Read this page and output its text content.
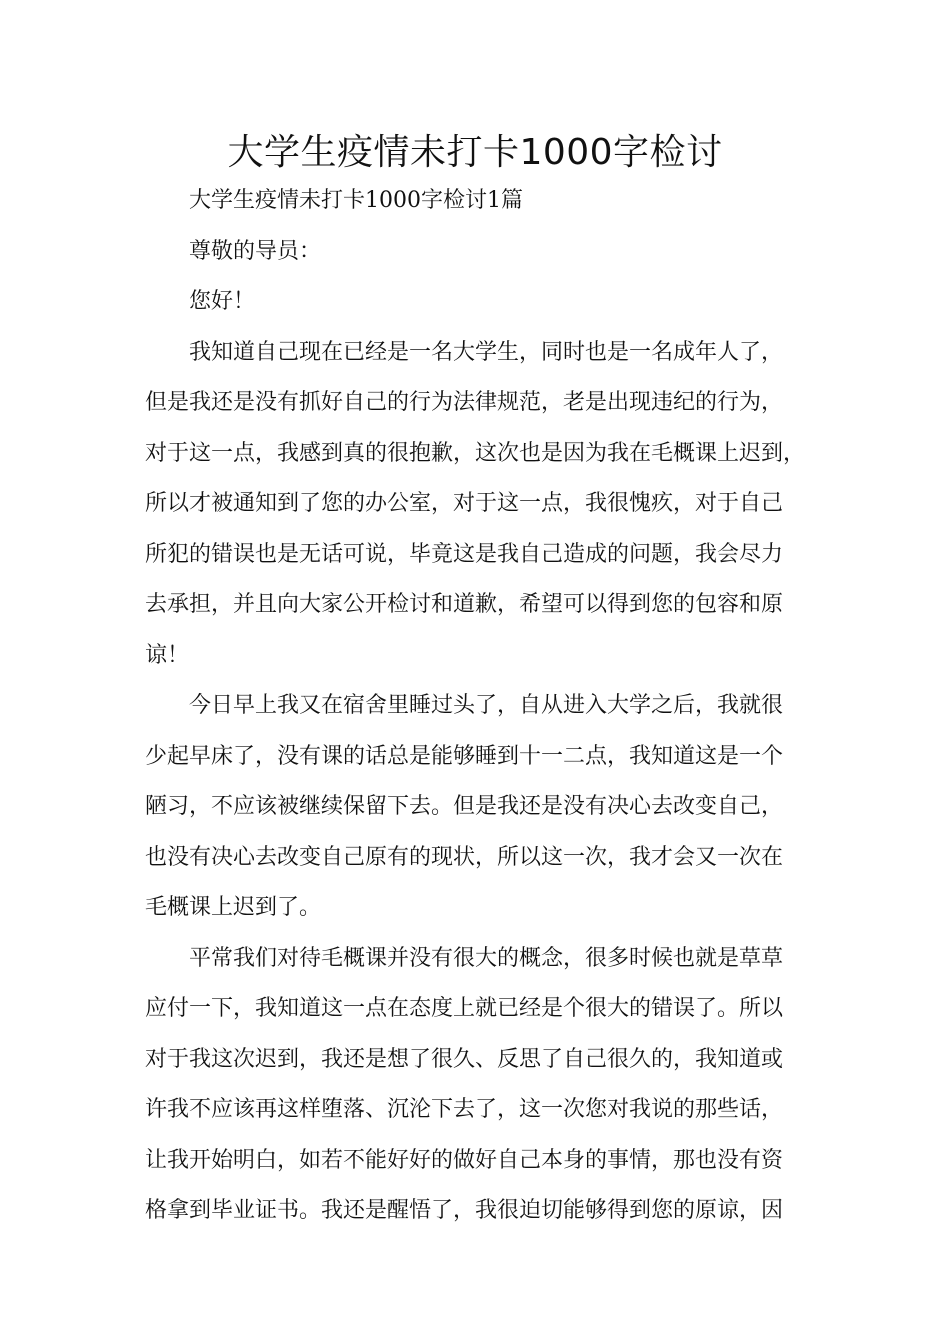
大学生疫情未打卡1000字检讨
大学生疫情未打卡1000字检讨1篇
尊敬的导员：
您好！
我知道自己现在已经是一名大学生，同时也是一名成年人了，
但是我还是没有抓好自己的行为法律规范，老是出现违纪的行为，
对于这一点，我感到真的很抱歉，这次也是因为我在毛概课上迟到，
所以才被通知到了您的办公室，对于这一点，我很愧疚，对于自己
所犯的错误也是无话可说，毕竟这是我自己造成的问题，我会尽力
去承担，并且向大家公开检讨和道歉，希望可以得到您的包容和原
谅！
今日早上我又在宿舍里睡过头了，自从进入大学之后，我就很
少起早床了，没有课的话总是能够睡到十一二点，我知道这是一个
陋习，不应该被继续保留下去。但是我还是没有决心去改变自己，
也没有决心去改变自己原有的现状，所以这一次，我才会又一次在
毛概课上迟到了。
平常我们对待毛概课并没有很大的概念，很多时候也就是草草
应付一下，我知道这一点在态度上就已经是个很大的错误了。所以
对于我这次迟到，我还是想了很久、反思了自己很久的，我知道或
许我不应该再这样堕落、沉沦下去了，这一次您对我说的那些话，
让我开始明白，如若不能好好的做好自己本身的事情，那也没有资
格拿到毕业证书。我还是醒悟了，我很迫切能够得到您的原谅，因
